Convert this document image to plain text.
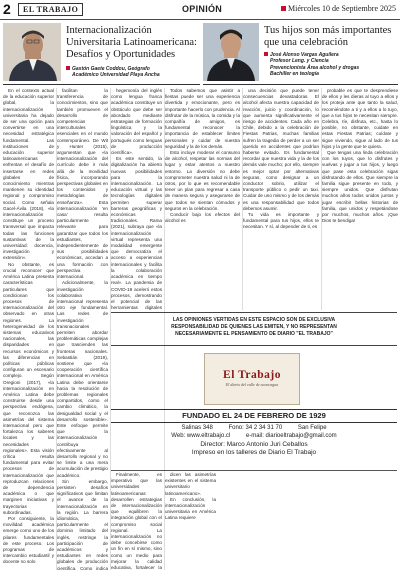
2	EL TRABAJO	OPINIÓN	Miércoles 10 de Septiembre 2025
Internacionalización Universitaria Latinoamericana: Desafíos y Oportunidades
Gastón Gaete Coddou, Geógrafo
Académico Universidad Playa Ancha
Tus hijos son más importantes que una celebración
José Alonso Vargas Aguilera
Profesor Leng. y Ciencia
Prevencionista Área alcohol y drogas
Bachiller en teología

En el contexto actual de la educación superior global, la internacionalización universitaria ha dejado de ser una opción para convertirse en una necesidad estratégica fundamental. Las instituciones de educación superior latinoamericanas enfrentan el desafío de insertarse en redes globales de conocimiento mientras mantienen su identidad regional y compromiso social. Como señala Gacel-Ávila (2018), «la internacionalización constituye un proceso transversal que impacta todas las funciones sustantivas de la universidad: docencia, investigación y extensión».

No obstante, es crucial reconocer que América Latina presenta características particulares que condicionan los procesos de internacionalización del observado en otras regiones. La heterogeneidad de los sistemas educativos nacionales, las disparidades en recursos económicos y las diferencias en políticas públicas configuran un escenario complejo. Según Oregioni (2017), «la internacionalización en América Latina debe construirse desde una perspectiva endógena, que reconozca las asimetrías del sistema internacional pero que fortalezca los saberes locales y las necesidades regionales». Esta visión crítica resulta fundamental para evitar procesos de internacionalización que reproduzcan relaciones de dependencia académica o que marginen iniciativas y trayectorias subordinadas.

Por consiguiente, la movilidad académica emerge como uno de los pilares fundamentales de este proceso. Los programas de intercambio estudiantil y docente no solo

facilitan la transferencia de conocimientos, sino que también promueven el desarrollo de competencias interculturales esenciales en el mundo contemporáneo. De Wit y Hunter (2015), argumentan que «la internacionalización del currículo debe ir más allá de la movilidad física, incorporando perspectivas globales en los contenidos y metodologías de enseñanza». Esta internacionalización 'en casa' resulta particularmente relevante para garantizar que todos los estudiantes, independientemente de sus posibilidades económicas, accedan a una formación con perspectiva internacional.

Adicionalmente, la investigación colaborativa internacional representa otro eje fundamental. Las redes de investigación transnacionales permiten abordar problemáticas complejas que trascienden las fronteras nacionales. Sebastián (2019), sostiene que «la cooperación científica internacional en América Latina debe orientarse hacia la resolución de problemas regionales compartidos, como el cambio climático, la desigualdad social y el desarrollo sostenible». Este enfoque permite que la internacionalización contribuya efectivamente al desarrollo regional y no se limite a una mera acumulación de prestigio académico.

Sin embargo, persisten desafíos significativos que limitan el avance de la internacionalización en la región. La barrera idiomática, particularmente el dominio limitado del inglés, restringe la participación de académicos y estudiantes en redes globales de producción científica. Como indica

hegemonía del inglés como lengua franca académica constituye un obstáculo que debe ser abordado mediante estrategias de formación lingüística y la valoración del español y portugués como lenguas de producción científica».

Es este sentido, la digitalización ha abierto nuevas posibilidades para la internacionalización. La educación virtual y las tecnologías digitales permiten superar barreras geográficas y económicas tradicionales. Rama (2021), subraya que «la internacionalización virtual representa una modalidad emergente que democratiza el acceso a experiencias internacionales y facilita la colaboración académica en tiempo real». La pandemia de COVID-19 aceleró estos procesos, demostrando el potencial de las herramientas digitales

Finalmente, es imperativo que las universidades latinoamericanas desarrollen estrategias de internacionalización que equilibren la integración global con el compromiso social regional. La internacionalización no debe concebirse como un fin en sí mismo, sino como un medio para mejorar la calidad educativa, fortalecer la

dicen las asimetrías existentes en el sistema universitario latinoamericano».

En conclusión, la internacionalización universitaria en América Latina requiere

Todos sabemos que asistir a fiestas puede ser una experiencia divertida y emocionante, pero es importante hacerlo con prudencia. Al disfrutar de la música, la comida y la compañía de amigos, es fundamental reconocer la importancia de establecer límites personales y cuidar de nuestra seguridad y la de los demás.

Esto incluye moderar el consumo de alcohol, respetar las normas del lugar y estar atentos a nuestro entorno. La diversión no debe comprometer nuestra salud ni la de otros, por lo que es recomendable tener un plan para regresar a casa de manera segura y asegurarse de que todos se sientan cómodos y seguros en la celebración.

Conducir bajo los efectos del alcohol es

una decisión que puede tener consecuencias devastadoras. El alcohol afecta nuestra capacidad de reacción, juicio y coordinación, lo que aumenta significativamente el riesgo de accidentes. Cada año en Chile, debido a la celebración de Fiestas Patrias, muchas familias sufren la tragedia de perder a un ser querido en accidentes que podrían haberse evitado. Es fundamental recordar que nuestra vida y la de los demás vale mucho; por ello, siempre es mejor optar por alternativas seguras, como designar a un conductor sobrio, utilizar el transporte público o pedir un taxi. Cuidar de uno mismo y de los demás es una responsabilidad que todos debemos asumir.

Tu vida es importante y fundamental para tus hijos, ellos te necesitan. Y sí, al depender de ti, es

probable es que te desprendiese de ellos y les dieras al tuyo a ellos y los proteja ante que tanto la salud, recomiéndote a ti y a ellos a lo tuyo, que a tus hijos te necesitan siempre. Celebra, ríe, disfruta, etc., hasta lo posible, no obstante, cuidate en estas Fiestas Patrias; cuídate y sigue viviendo, sigue al lado de tus hijos y la gente que te quiera.

Que tengas una linda celebración con los tuyos, que lo disfrutes y vuelvas y jugar a tus hijos, y luego que pase esta celebración sigas disfrutando de ellos. Que siempre la familia sigue presente en todo, y siempre unidos. Que disfrutan muchos años todos unidos juntos y jugar escribir bellas historias de familia, que unidos y respetándose por muchos, muchos años. ¡Que Dios te bendiga!

LAS OPINIONES VERTIDAS EN ESTE ESPACIO SON DE EXCLUSIVA
RESPONSABILIDAD DE QUIENES LAS EMITEN, Y NO REPRESENTAN
NECESARIAMENTE EL PENSAMIENTO DE DIARIO "EL TRABAJO"
El Trabajo
El diario del valle de aconcagua
FUNDADO EL 24 DE FEBRERO DE 1929
Salinas 348	Fono: 34 2 34 31 70	San Felipe
Web: www.eltrabajo.cl	e-mail: diarioeltrabajo@gmail.com
Director: Marco Antonio Juri Ceballos
Impreso en los talleres de Diario El Trabajo
